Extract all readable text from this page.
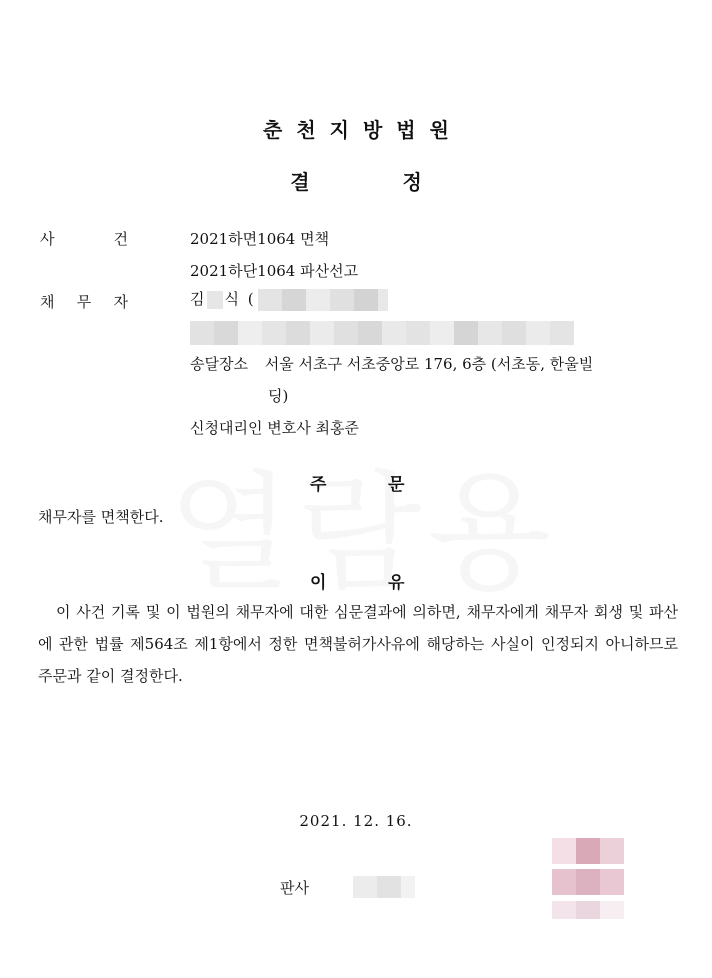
춘천지방법원
결 정
사	건	2021하면1064 면책
2021하단1064 파산선고
채 무 자	김 식 (
송달장소 서울 서초구 서초중앙로 176, 6층 (서초동, 한울빌
딩)
신청대리인 변호사 최홍준
주	문
채무자를 면책한다.
이	유
이 사건 기록 및 이 법원의 채무자에 대한 심문결과에 의하면, 채무자에게 채무자 회생 및 파산에 관한 법률 제564조 제1항에서 정한 면책불허가사유에 해당하는 사실이 인정되지 아니하므로 주문과 같이 결정한다.
2021. 12. 16.
판사
